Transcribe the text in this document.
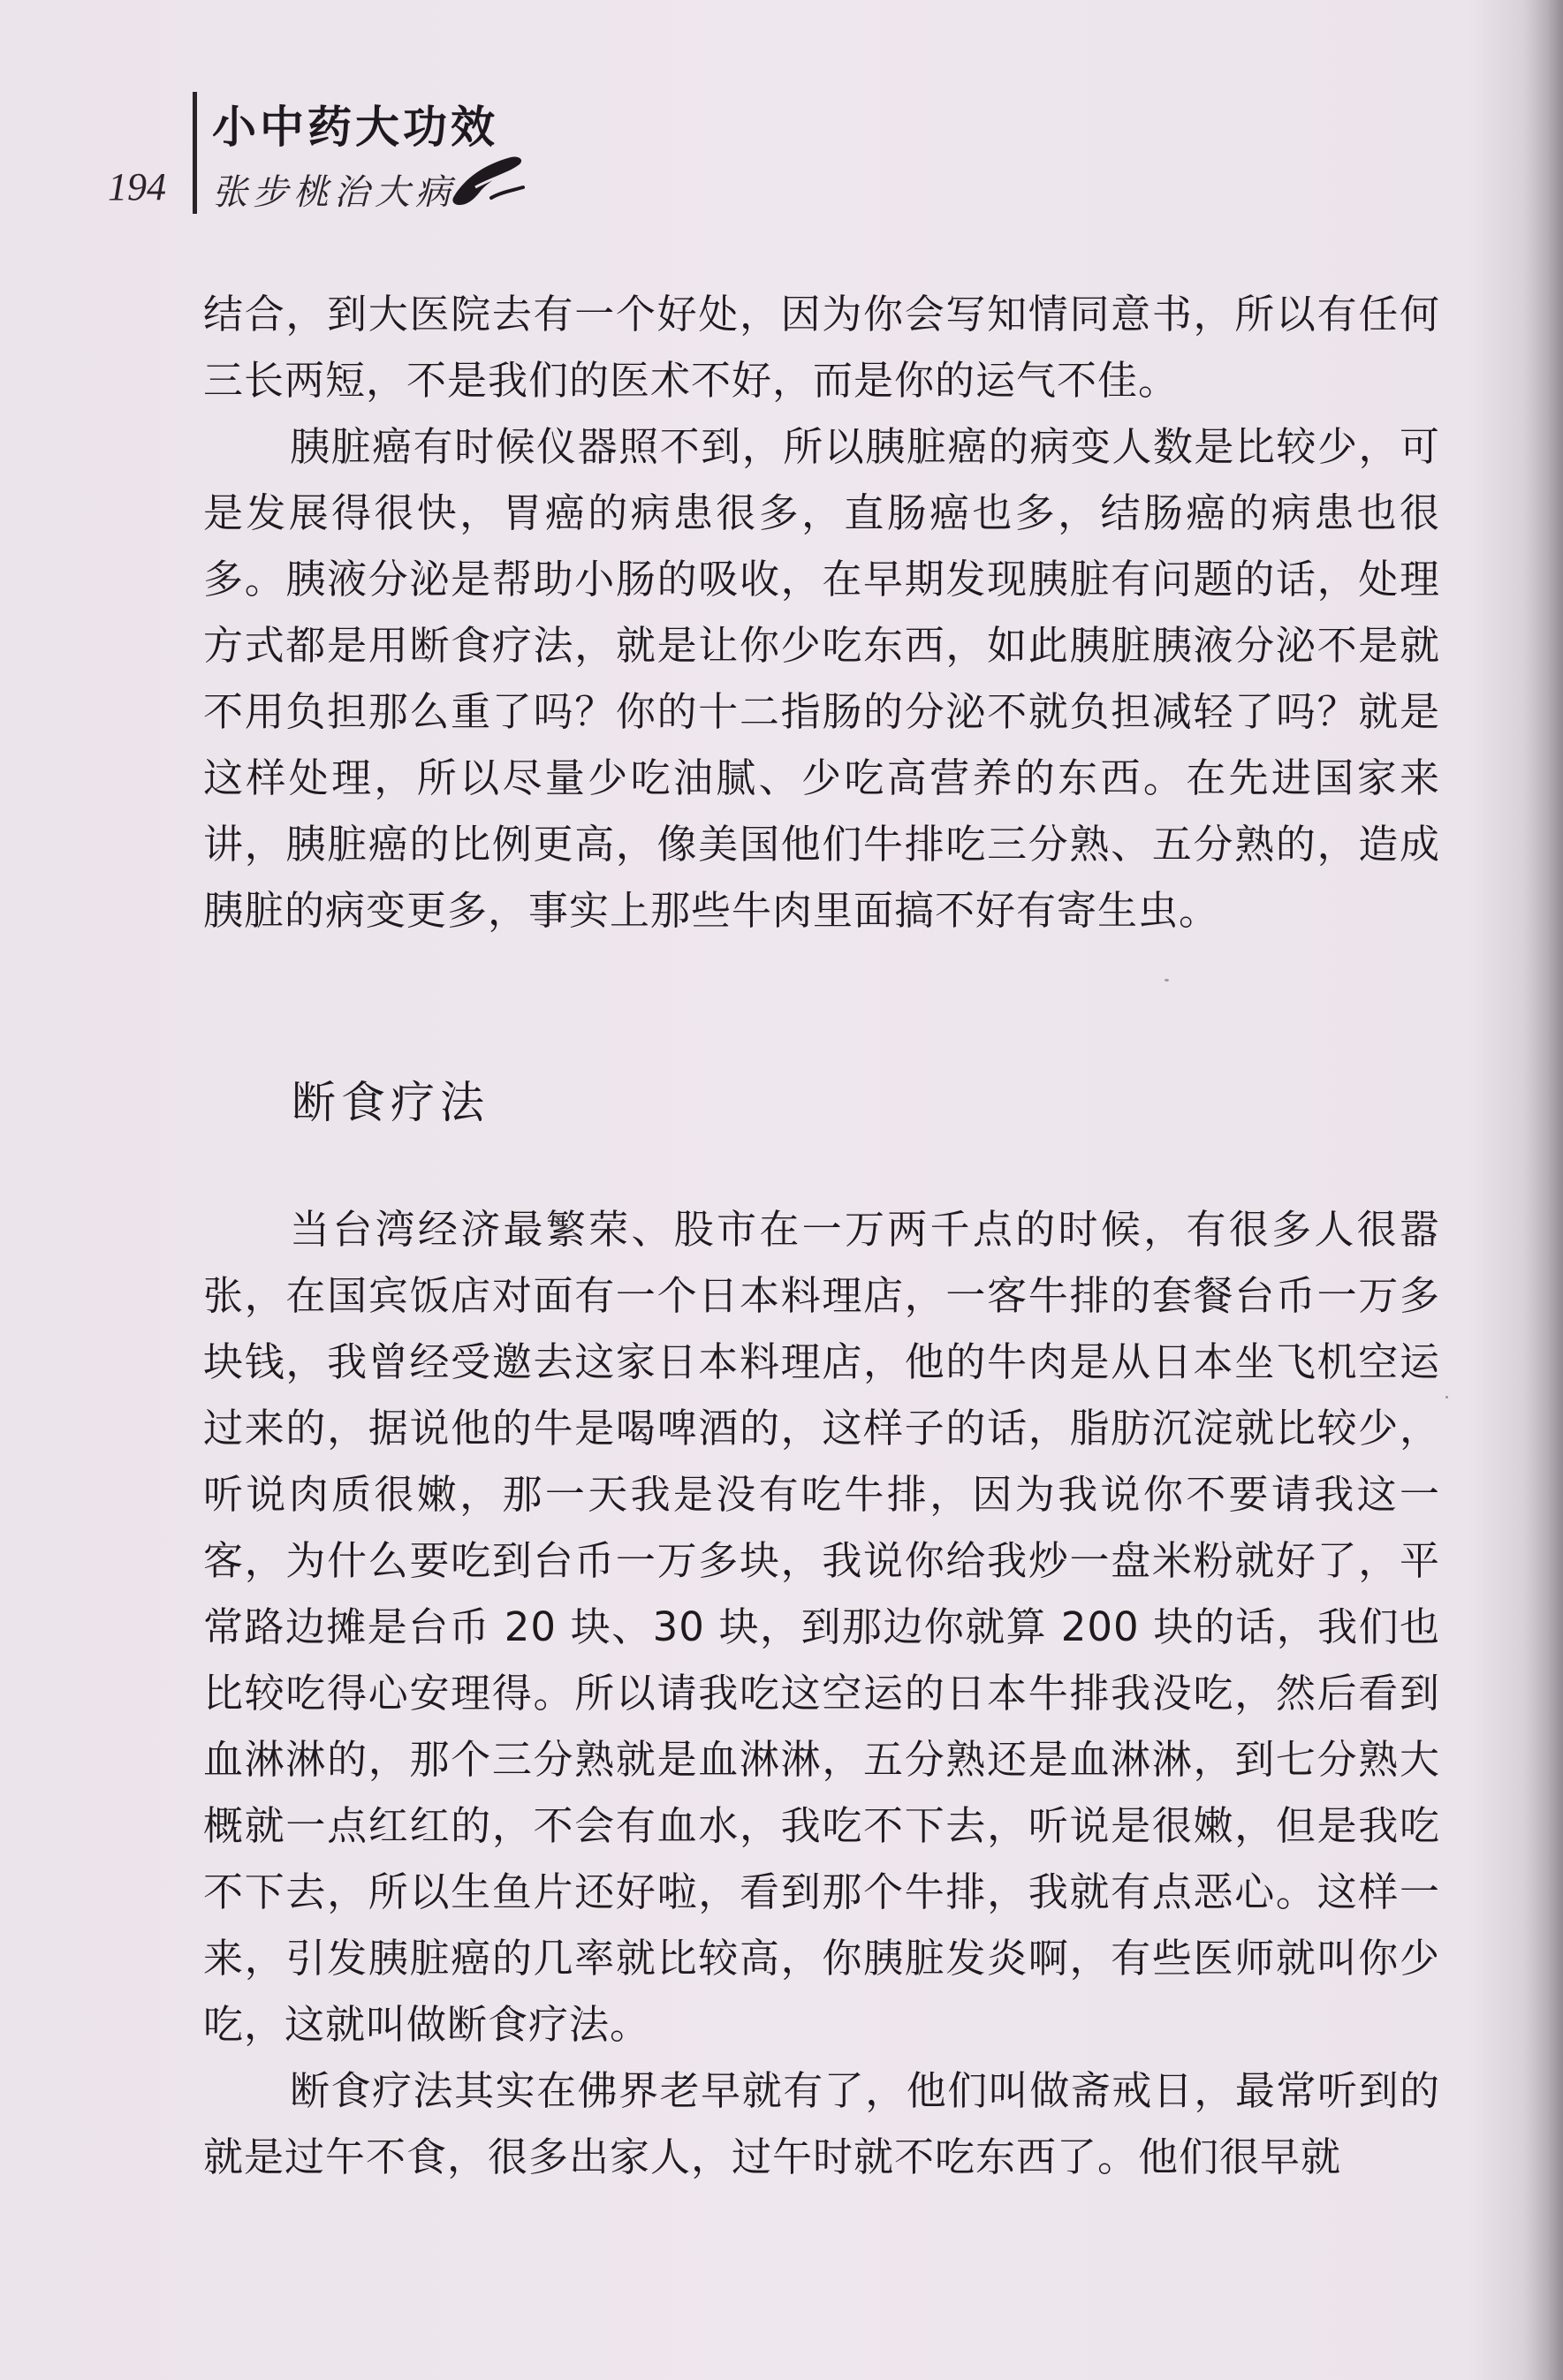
194
小中药大功效
张步桃治大病

结合，到大医院去有一个好处，因为你会写知情同意书，所以有任何三长两短，不是我们的医术不好，而是你的运气不佳。

胰脏癌有时候仪器照不到，所以胰脏癌的病变人数是比较少，可是发展得很快，胃癌的病患很多，直肠癌也多，结肠癌的病患也很多。胰液分泌是帮助小肠的吸收，在早期发现胰脏有问题的话，处理方式都是用断食疗法，就是让你少吃东西，如此胰脏胰液分泌不是就不用负担那么重了吗？你的十二指肠的分泌不就负担减轻了吗？就是这样处理，所以尽量少吃油腻、少吃高营养的东西。在先进国家来讲，胰脏癌的比例更高，像美国他们牛排吃三分熟、五分熟的，造成胰脏的病变更多，事实上那些牛肉里面搞不好有寄生虫。

断食疗法

当台湾经济最繁荣、股市在一万两千点的时候，有很多人很嚣张，在国宾饭店对面有一个日本料理店，一客牛排的套餐台币一万多块钱，我曾经受邀去这家日本料理店，他的牛肉是从日本坐飞机空运过来的，据说他的牛是喝啤酒的，这样子的话，脂肪沉淀就比较少，听说肉质很嫩，那一天我是没有吃牛排，因为我说你不要请我这一客，为什么要吃到台币一万多块，我说你给我炒一盘米粉就好了，平常路边摊是台币 20 块、30 块，到那边你就算 200 块的话，我们也比较吃得心安理得。所以请我吃这空运的日本牛排我没吃，然后看到血淋淋的，那个三分熟就是血淋淋，五分熟还是血淋淋，到七分熟大概就一点红红的，不会有血水，我吃不下去，听说是很嫩，但是我吃不下去，所以生鱼片还好啦，看到那个牛排，我就有点恶心。这样一来，引发胰脏癌的几率就比较高，你胰脏发炎啊，有些医师就叫你少吃，这就叫做断食疗法。

断食疗法其实在佛界老早就有了，他们叫做斋戒日，最常听到的就是过午不食，很多出家人，过午时就不吃东西了。他们很早就
